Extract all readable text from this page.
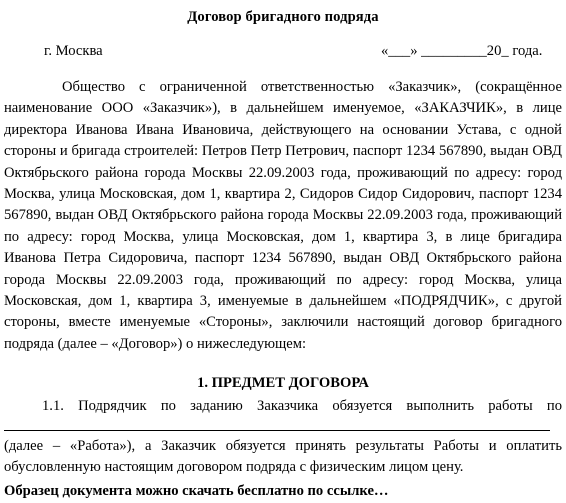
Договор бригадного подряда
г. Москва	«___» _________20_ года.

Общество с ограниченной ответственностью «Заказчик», (сокращённое наименование ООО «Заказчик»), в дальнейшем именуемое, «ЗАКАЗЧИК», в лице директора Иванова Ивана Ивановича, действующего на основании Устава, с одной стороны и бригада строителей: Петров Петр Петрович, паспорт 1234 567890, выдан ОВД Октябрьского района города Москвы 22.09.2003 года, проживающий по адресу: город Москва, улица Московская, дом 1, квартира 2, Сидоров Сидор Сидорович, паспорт 1234 567890, выдан ОВД Октябрьского района города Москвы 22.09.2003 года, проживающий по адресу: город Москва, улица Московская, дом 1, квартира 3, в лице бригадира Иванова Петра Сидоровича, паспорт 1234 567890, выдан ОВД Октябрьского района города Москвы 22.09.2003 года, проживающий по адресу: город Москва, улица Московская, дом 1, квартира 3, именуемые в дальнейшем «ПОДРЯДЧИК», с другой стороны, вместе именуемые «Стороны», заключили настоящий договор бригадного подряда (далее – «Договор») о нижеследующем:

1. ПРЕДМЕТ ДОГОВОРА
1.1. Подрядчик по заданию Заказчика обязуется выполнить работы по
(далее – «Работа»), а Заказчик обязуется принять результаты Работы и оплатить обусловленную настоящим договором подряда с физическим лицом цену.
Образец документа можно скачать бесплатно по ссылке…
